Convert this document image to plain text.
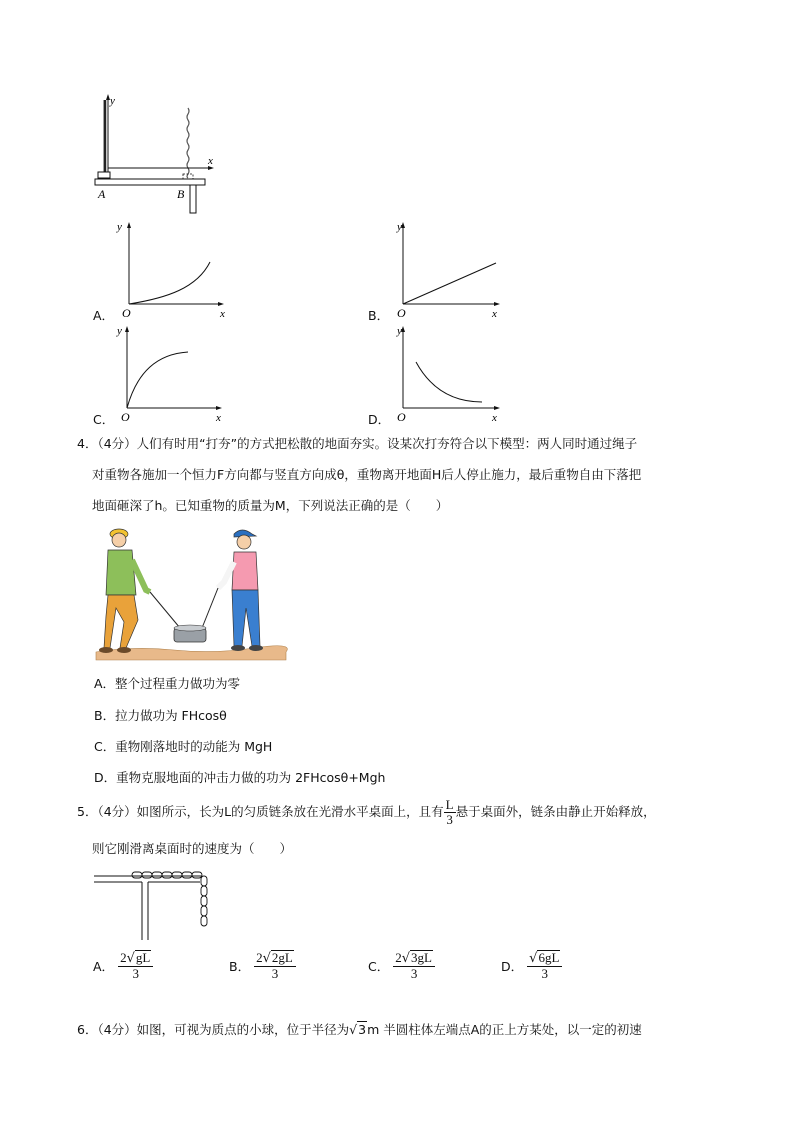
y
x
A	B
A．
y
O	x	B．
y
O	x
C．
y
O	x	D．
y
O	x
4．（4分）人们有时用“打夯”的方式把松散的地面夯实。设某次打夯符合以下模型：两人同时通过绳子
对重物各施加一个恒力F方向都与竖直方向成θ，重物离开地面H后人停止施力，最后重物自由下落把
地面砸深了h。已知重物的质量为M，下列说法正确的是（　　）
A．整个过程重力做功为零
B．拉力做功为 FHcosθ
C．重物刚落地时的动能为 MgH
D．重物克服地面的冲击力做的功为 2FHcosθ+Mgh
5．（4分）如图所示，长为L的匀质链条放在光滑水平桌面上，且有 $\frac{L}{3}$ 悬于桌面外，链条由静止开始释放，
则它刚滑离桌面时的速度为（　　）
A． $\frac{2√gL}{3}$	B． $\frac{2√2gL}{3}$	C． $\frac{2√3gL}{3}$	D． $\frac{√6gL}{3}$
6．（4分）如图，可视为质点的小球，位于半径为√3m 半圆柱体左端点A的正上方某处，以一定的初速
